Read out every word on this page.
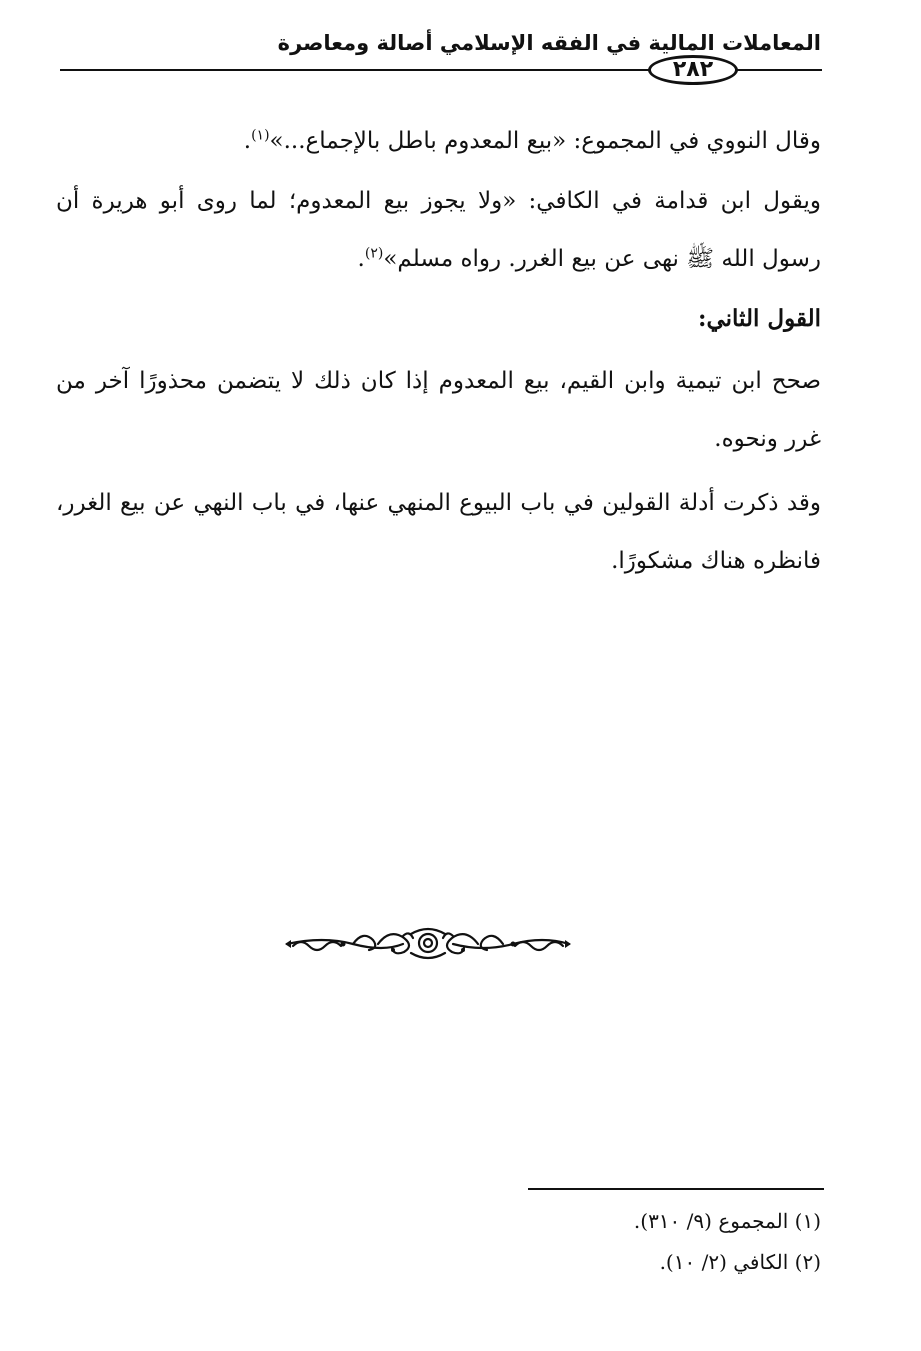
المعاملات المالية في الفقه الإسلامي أصالة ومعاصرة
٢٨٢
وقال النووي في المجموع: «بيع المعدوم باطل بالإجماع...»$^{(١)}$.
ويقول ابن قدامة في الكافي: «ولا يجوز بيع المعدوم؛ لما روى أبو هريرة أن رسول الله ﷺ نهى عن بيع الغرر. رواه مسلم»$^{(٢)}$.
القول الثاني:
صحح ابن تيمية وابن القيم، بيع المعدوم إذا كان ذلك لا يتضمن محذورًا آخر من غرر ونحوه.
وقد ذكرت أدلة القولين في باب البيوع المنهي عنها، في باب النهي عن بيع الغرر، فانظره هناك مشكورًا.
(١) المجموع (٩/ ٣١٠).
(٢) الكافي (٢/ ١٠).
